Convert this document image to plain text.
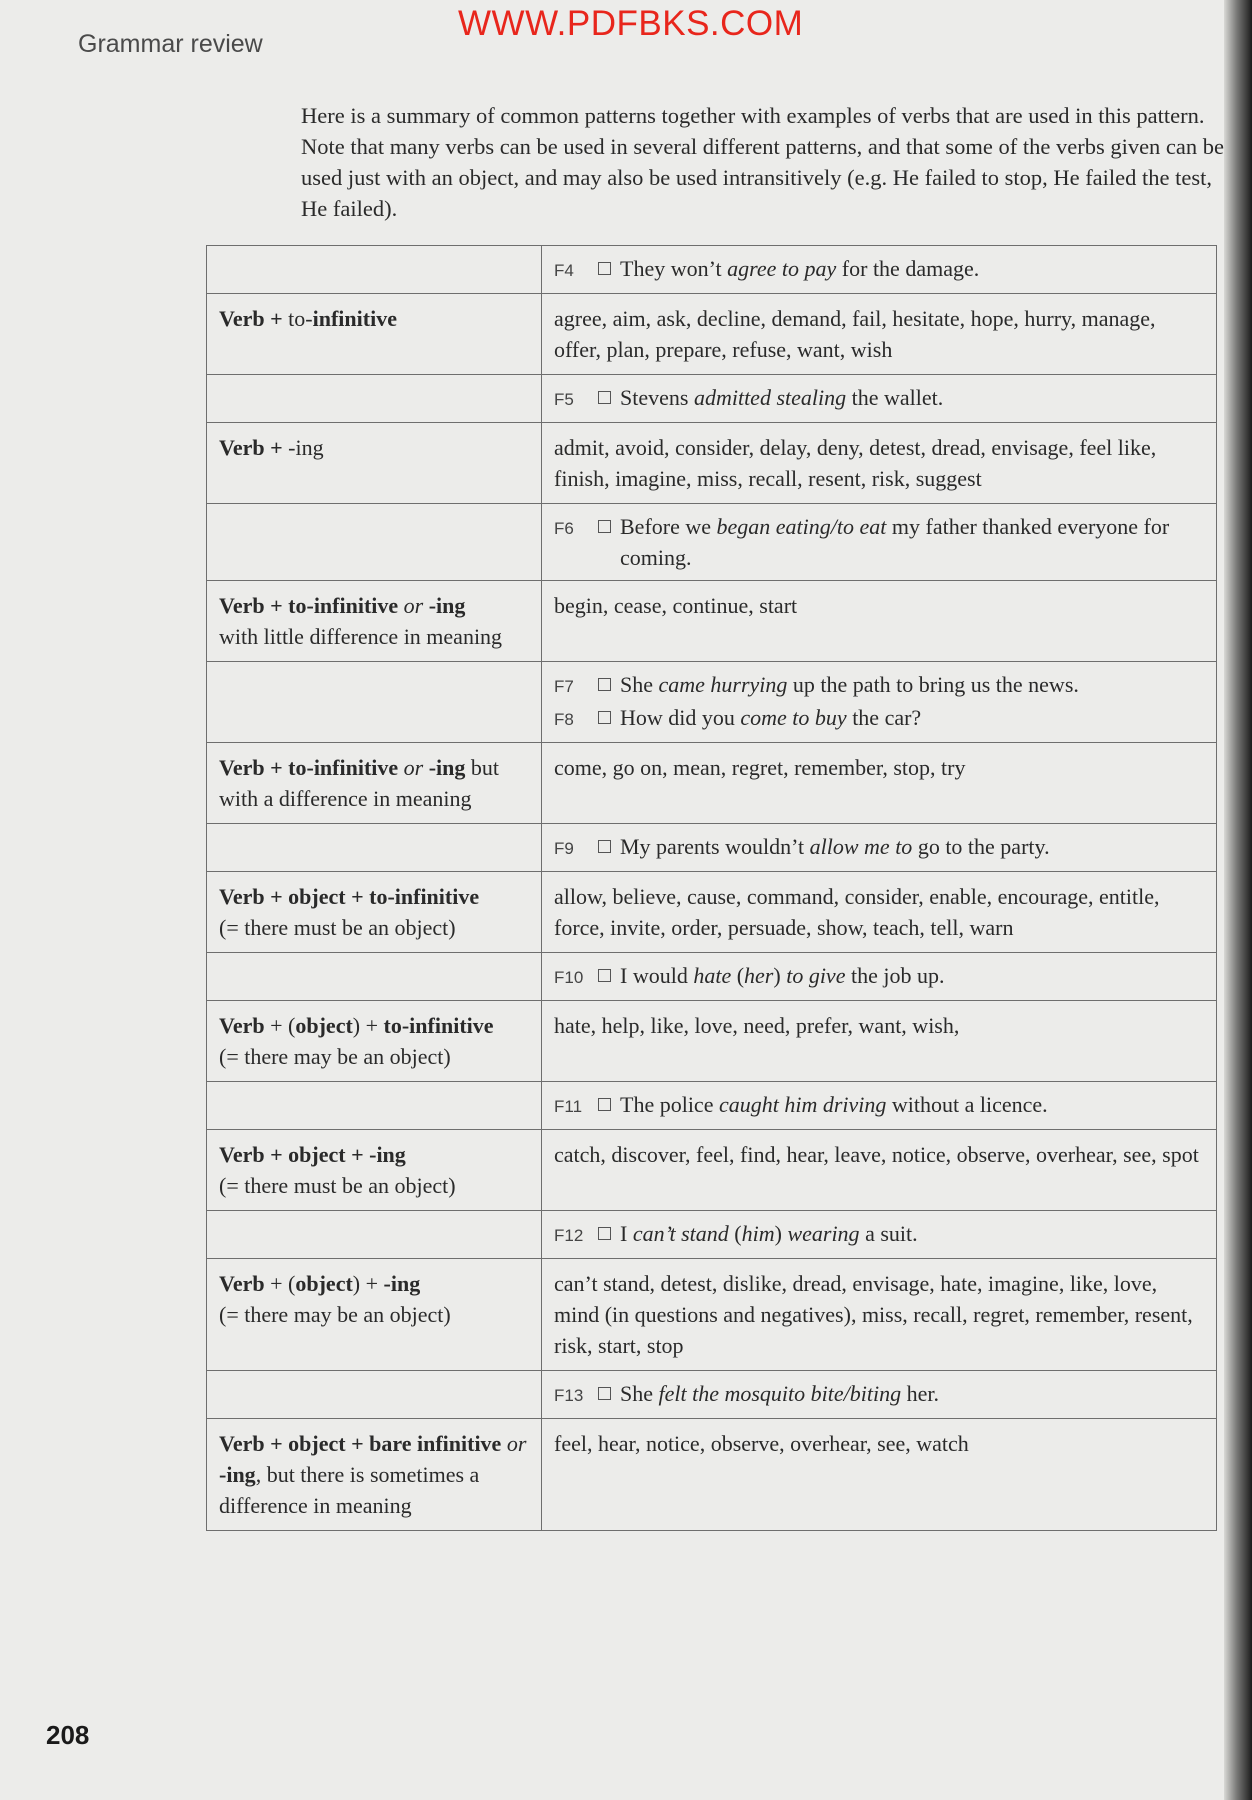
Grammar review
WWW.PDFBKS.COM

Here is a summary of common patterns together with examples of verbs that are used in this pattern. Note that many verbs can be used in several different patterns, and that some of the verbs given can be used just with an object, and may also be used intransitively (e.g. He failed to stop, He failed the test, He failed).

	F4 They won’t agree to pay for the damage.

Verb + to-infinitive	agree, aim, ask, decline, demand, fail, hesitate, hope, hurry, manage, offer, plan, prepare, refuse, want, wish

	F5 Stevens admitted stealing the wallet.

Verb + -ing	admit, avoid, consider, delay, deny, detest, dread, envisage, feel like, finish, imagine, miss, recall, resent, risk, suggest

	F6 Before we began eating/to eat my father thanked everyone for coming.

Verb + to-infinitive or -ing
with little difference in meaning	begin, cease, continue, start

	F7 She came hurrying up the path to bring us the news.
F8 How did you come to buy the car?

Verb + to-infinitive or -ing but with a difference in meaning	come, go on, mean, regret, remember, stop, try

	F9 My parents wouldn’t allow me to go to the party.

Verb + object + to-infinitive
(= there must be an object)	allow, believe, cause, command, consider, enable, encourage, entitle, force, invite, order, persuade, show, teach, tell, warn

	F10 I would hate (her) to give the job up.

Verb + (object) + to-infinitive
(= there may be an object)	hate, help, like, love, need, prefer, want, wish,

	F11 The police caught him driving without a licence.

Verb + object + -ing
(= there must be an object)	catch, discover, feel, find, hear, leave, notice, observe, overhear, see, spot

	F12 I can’t stand (him) wearing a suit.

Verb + (object) + -ing
(= there may be an object)	can’t stand, detest, dislike, dread, envisage, hate, imagine, like, love, mind (in questions and negatives), miss, recall, regret, remember, resent, risk, start, stop

	F13 She felt the mosquito bite/biting her.

Verb + object + bare infinitive or -ing, but there is sometimes a difference in meaning	feel, hear, notice, observe, overhear, see, watch
208
